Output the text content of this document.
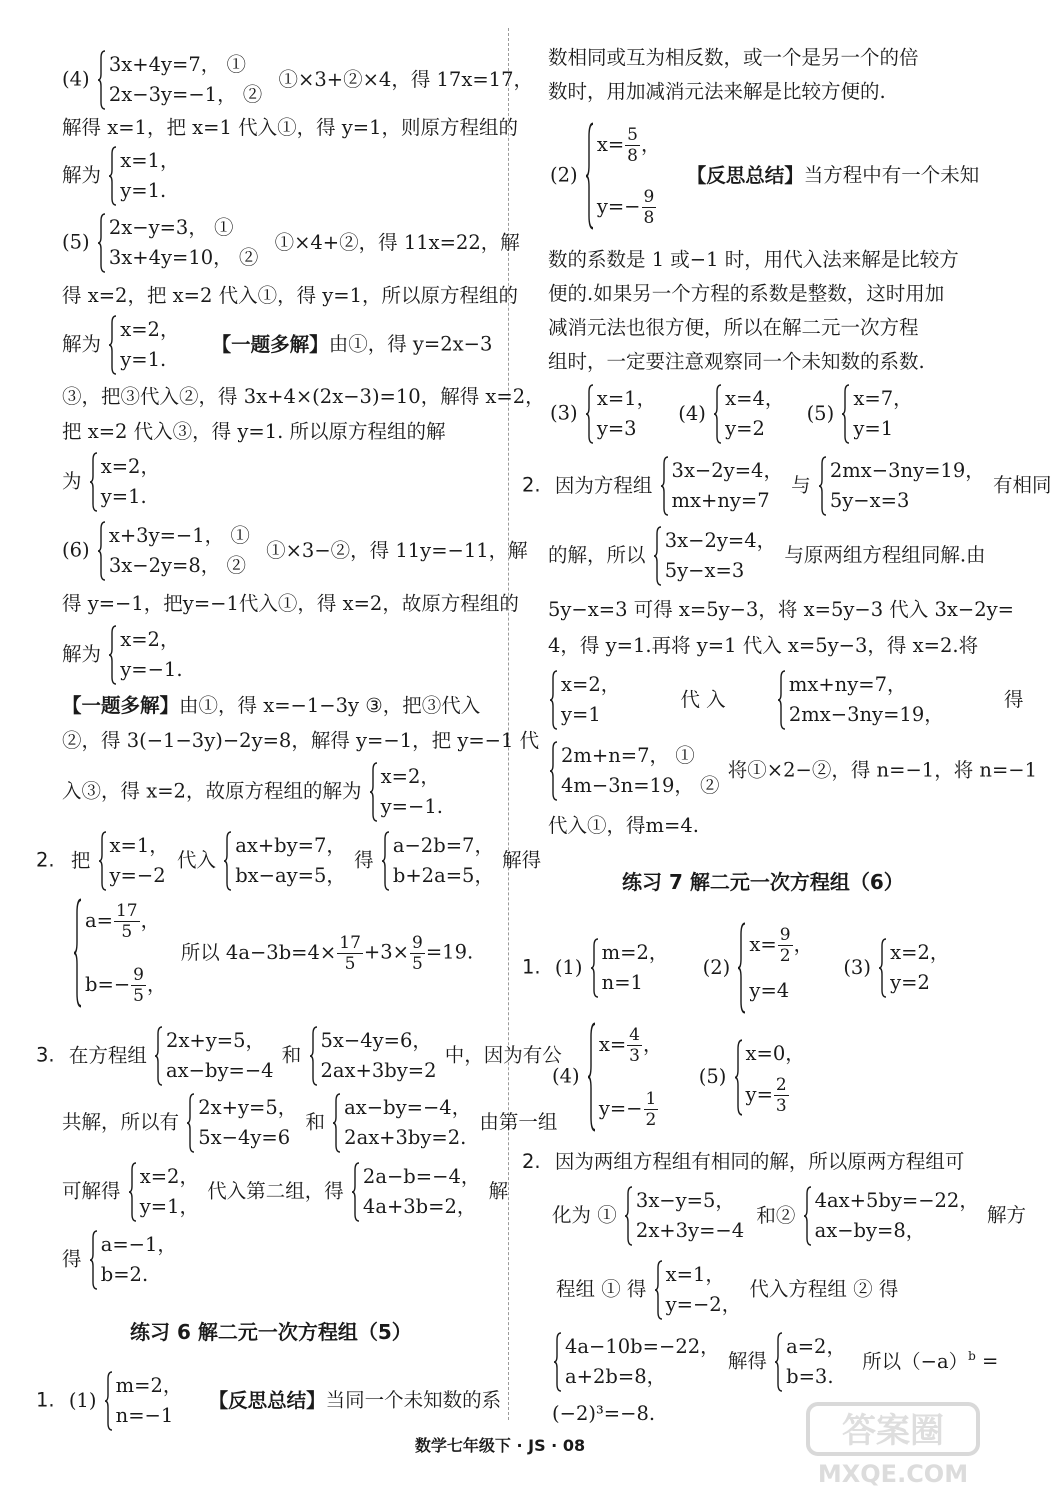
(4)
3x+4y=7， ①
2x−3y=−1， ②
①×3+②×4，得 17x=17，
解得 x=1，把 x=1 代入①，得 y=1，则原方程组的
解为
x=1，
y=1.
(5)
2x−y=3， ①
3x+4y=10， ②
①×4+②，得 11x=22，解
得 x=2，把 x=2 代入①，得 y=1，所以原方程组的
解为
x=2，
y=1.
【一题多解】由①，得 y=2x−3
③，把③代入②，得 3x+4×(2x−3)=10，解得 x=2，
把 x=2 代入③，得 y=1. 所以原方程组的解
为
x=2，
y=1.
(6)
x+3y=−1， ①
3x−2y=8， ②
①×3−②，得 11y=−11，解
得 y=−1，把y=−1代入①，得 x=2，故原方程组的
解为
x=2，
y=−1.
【一题多解】由①，得 x=−1−3y ③，把③代入
②，得 3(−1−3y)−2y=8，解得 y=−1，把 y=−1 代
入③，得 x=2，故原方程组的解为
x=2，
y=−1.
2. 把
x=1，
y=−2
代入
ax+by=7，
bx−ay=5，
得
a−2b=7，
b+2a=5，
解得
$a= \frac{17}{5}$ ，
$b=- \frac{9}{5}$ ，
所以 $4a-3b=4\times \frac{17}{5} +3\times \frac{9}{5} =19$.
3. 在方程组
2x+y=5，
ax−by=−4
和
5x−4y=6，
2ax+3by=2
中，因为有公
共解，所以有
2x+y=5，
5x−4y=6
和
ax−by=−4，
2ax+3by=2.
由第一组
可解得
x=2，
y=1，
代入第二组，得
2a−b=−4，
4a+3b=2，
解
得
a=−1，
b=2.
练习 6 解二元一次方程组（5）
1. (1)
m=2，
n=−1
【反思总结】当同一个未知数的系
数相同或互为相反数，或一个是另一个的倍
数时，用加减消元法来解是比较方便的.
(2)
$x= \frac{5}{8}$ ，
$y=- \frac{9}{8}$
【反思总结】当方程中有一个未知
数的系数是 1 或−1 时，用代入法来解是比较方
便的.如果另一个方程的系数是整数，这时用加
减消元法也很方便，所以在解二元一次方程
组时，一定要注意观察同一个未知数的系数.
(3)
x=1，
y=3
(4)
x=4，
y=2
(5)
x=7，
y=1
2. 因为方程组
3x−2y=4，
mx+ny=7
与
2mx−3ny=19，
5y−x=3
有相同
的解，所以
3x−2y=4，
5y−x=3
与原两组方程组同解.由
5y−x=3 可得 x=5y−3，将 x=5y−3 代入 3x−2y=
4，得 y=1.再将 y=1 代入 x=5y−3，得 x=2.将
x=2，
y=1
代 入
mx+ny=7，
2mx−3ny=19，
得
2m+n=7， ①
4m−3n=19， ②
将①×2−②，得 n=−1，将 n=−1
代入①，得m=4.
练习 7 解二元一次方程组（6）
1. (1)
m=2，
n=1
(2)
$x= \frac{9}{2}$ ，
y=4
(3)
x=2，
y=2
(4)
$x= \frac{4}{3}$ ，
$y=- \frac{1}{2}$
(5)
x=0，
$y= \frac{2}{3}$
2. 因为两组方程组有相同的解，所以原两方程组可
化为 ①
3x−y=5，
2x+3y=−4
和②
4ax+5by=−22，
ax−by=8，
解方
程组 ① 得
x=1，
y=−2，
代入方程组 ② 得
4a−10b=−22，
a+2b=8，
解得
a=2，
b=3.
所以$(-a)^b$ =
(−2)³=−8.
数学七年级下 · JS · 08	答案圈
MXQE.COM
